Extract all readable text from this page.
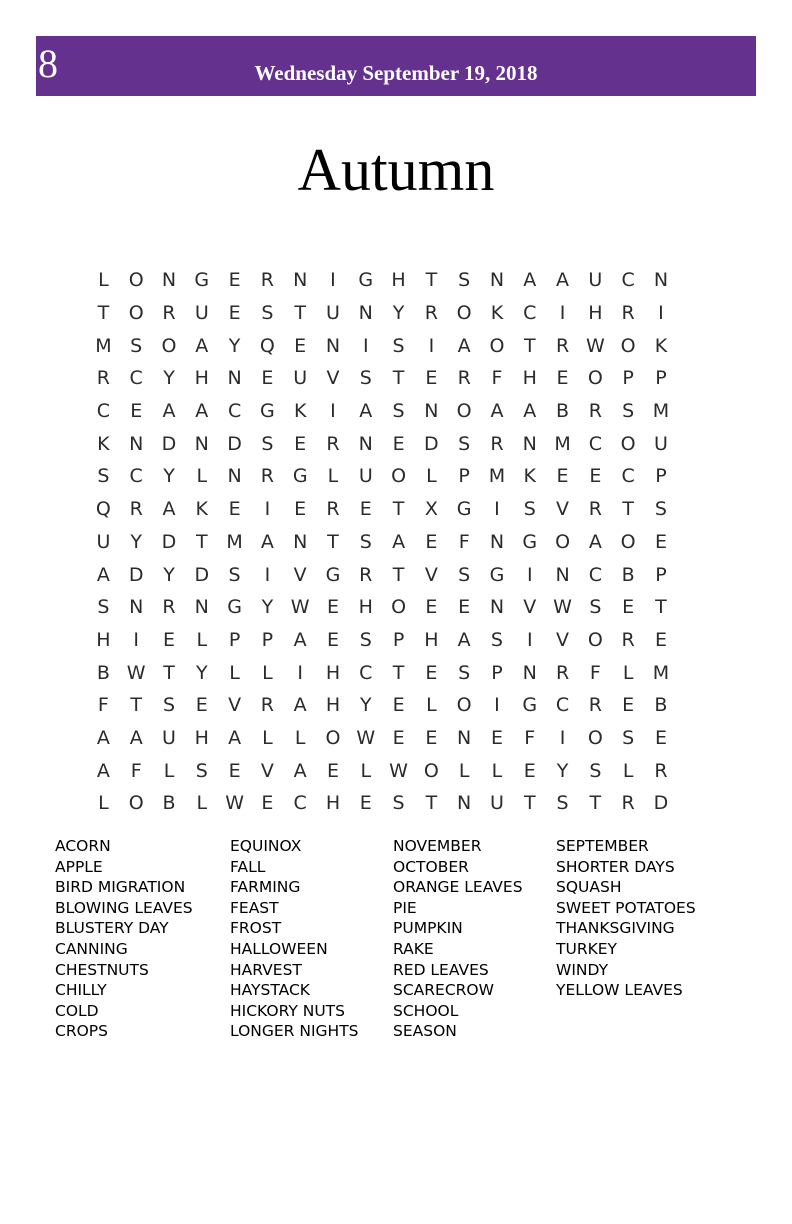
8	Wednesday September 19, 2018
Autumn
L	O N G	E	R	N	I	G H	T	S	N	A	A	U	C	N
T	O R	U	E	S	T	U N	Y	R O	K	C	I	H	R	I
M S	O A	Y	Q	E	N	I	S	I	A O	T	R W O	K
R	C	Y	H N	E	U	V	S	T	E	R	F	H	E	O	P	P
C	E	A	A	C G	K	I	A	S	N O A	A	B	R	S M
K	N D N D	S	E	R	N	E	D	S	R	N M C O U
S	C	Y	L	N	R G	L	U O	L	P M K	E	E	C	P
Q R	A	K	E	I	E	R	E	T	X G	I	S	V	R	T	S
U	Y	D	T M A	N	T	S	A	E	F	N G O A O	E
A D	Y	D	S	I	V G R	T	V	S	G	I	N	C	B	P
S	N	R	N G	Y W E	H O	E	E	N	V W S	E	T
H	I	E	L	P	P	A	E	S	P	H	A	S	I	V O R	E
B W T	Y	L	L	I	H	C	T	E	S	P	N	R	F	L	M
F	T	S	E	V	R	A	H	Y	E	L	O	I	G C	R	E	B
A	A	U H	A	L	L	O W E	E	N	E	F	I	O	S	E
A	F	L	S	E	V	A	E	L W O	L	L	E	Y	S	L	R
L	O B	L W E	C	H	E	S	T	N U	T	S	T	R D
ACORN
APPLE
BIRD MIGRATION
BLOWING LEAVES
BLUSTERY DAY
CANNING
CHESTNUTS
CHILLY
COLD
CROPS
EQUINOX
FALL
FARMING
FEAST
FROST
HALLOWEEN
HARVEST
HAYSTACK
HICKORY NUTS
LONGER NIGHTS
NOVEMBER
OCTOBER
ORANGE LEAVES
PIE
PUMPKIN
RAKE
RED LEAVES
SCARECROW
SCHOOL
SEASON
SEPTEMBER
SHORTER DAYS
SQUASH
SWEET POTATOES
THANKSGIVING
TURKEY
WINDY
YELLOW LEAVES
